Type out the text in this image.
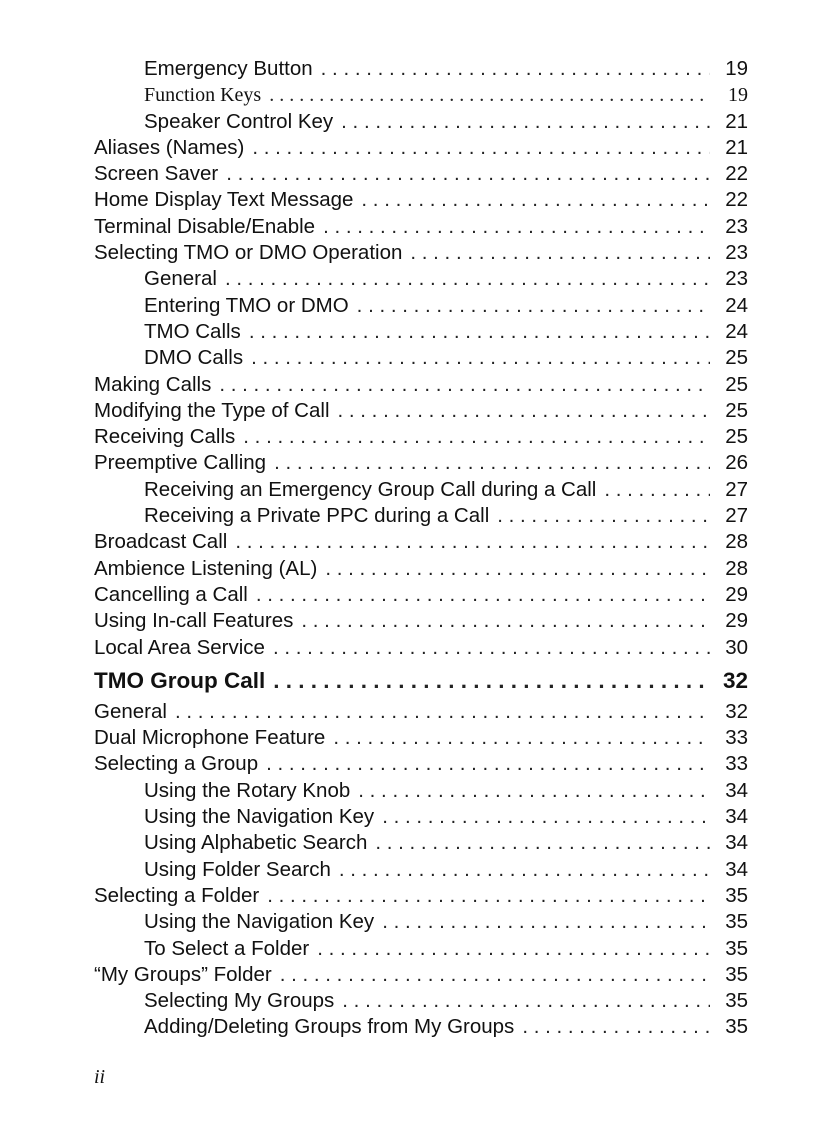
Emergency Button . . .	19
Function Keys . . .	19
Speaker Control Key . . .	21
Aliases (Names) . . .	21
Screen Saver . . .	22
Home Display Text Message . . .	22
Terminal Disable/Enable . . .	23
Selecting TMO or DMO Operation . . .	23
General . . .	23
Entering TMO or DMO . . .	24
TMO Calls . . .	24
DMO Calls . . .	25
Making Calls . . .	25
Modifying the Type of Call . . .	25
Receiving Calls . . .	25
Preemptive Calling . . .	26
Receiving an Emergency Group Call during a Call . . .	27
Receiving a Private PPC during a Call . . .	27
Broadcast Call . . .	28
Ambience Listening (AL) . . .	28
Cancelling a Call . . .	29
Using In-call Features . . .	29
Local Area Service . . .	30
TMO Group Call . . .	32
General . . .	32
Dual Microphone Feature . . .	33
Selecting a Group . . .	33
Using the Rotary Knob . . .	34
Using the Navigation Key . . .	34
Using Alphabetic Search . . .	34
Using Folder Search . . .	34
Selecting a Folder . . .	35
Using the Navigation Key . . .	35
To Select a Folder . . .	35
“My Groups” Folder . . .	35
Selecting My Groups . . .	35
Adding/Deleting Groups from My Groups . . .	35
ii
